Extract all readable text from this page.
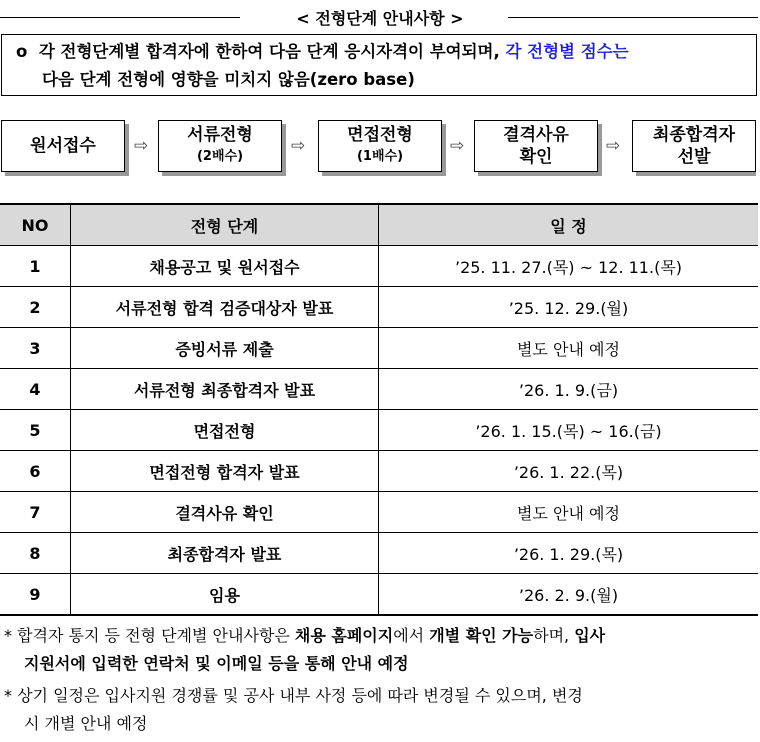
< 전형단계 안내사항 >
o 각 전형단계별 합격자에 한하여 다음 단계 응시자격이 부여되며, 각 전형별 점수는
다음 단계 전형에 영향을 미치지 않음(zero base)
원서접수 ⇨
서류전형
(2배수)
⇨
면접전형
(1배수)
⇨
결격사유
확인
⇨
최종합격자
선발
NO	전형 단계	일 정
1	채용공고 및 원서접수	’25. 11. 27.(목) ~ 12. 11.(목)
2	서류전형 합격 검증대상자 발표	’25. 12. 29.(월)
3	증빙서류 제출	별도 안내 예정
4	서류전형 최종합격자 발표	’26. 1. 9.(금)
5	면접전형	’26. 1. 15.(목) ~ 16.(금)
6	면접전형 합격자 발표	’26. 1. 22.(목)
7	결격사유 확인	별도 안내 예정
8	최종합격자 발표	’26. 1. 29.(목)
9	임용	’26. 2. 9.(월)
* 합격자 통지 등 전형 단계별 안내사항은 채용 홈페이지에서 개별 확인 가능하며, 입사
지원서에 입력한 연락처 및 이메일 등을 통해 안내 예정
* 상기 일정은 입사지원 경쟁률 및 공사 내부 사정 등에 따라 변경될 수 있으며, 변경
시 개별 안내 예정
